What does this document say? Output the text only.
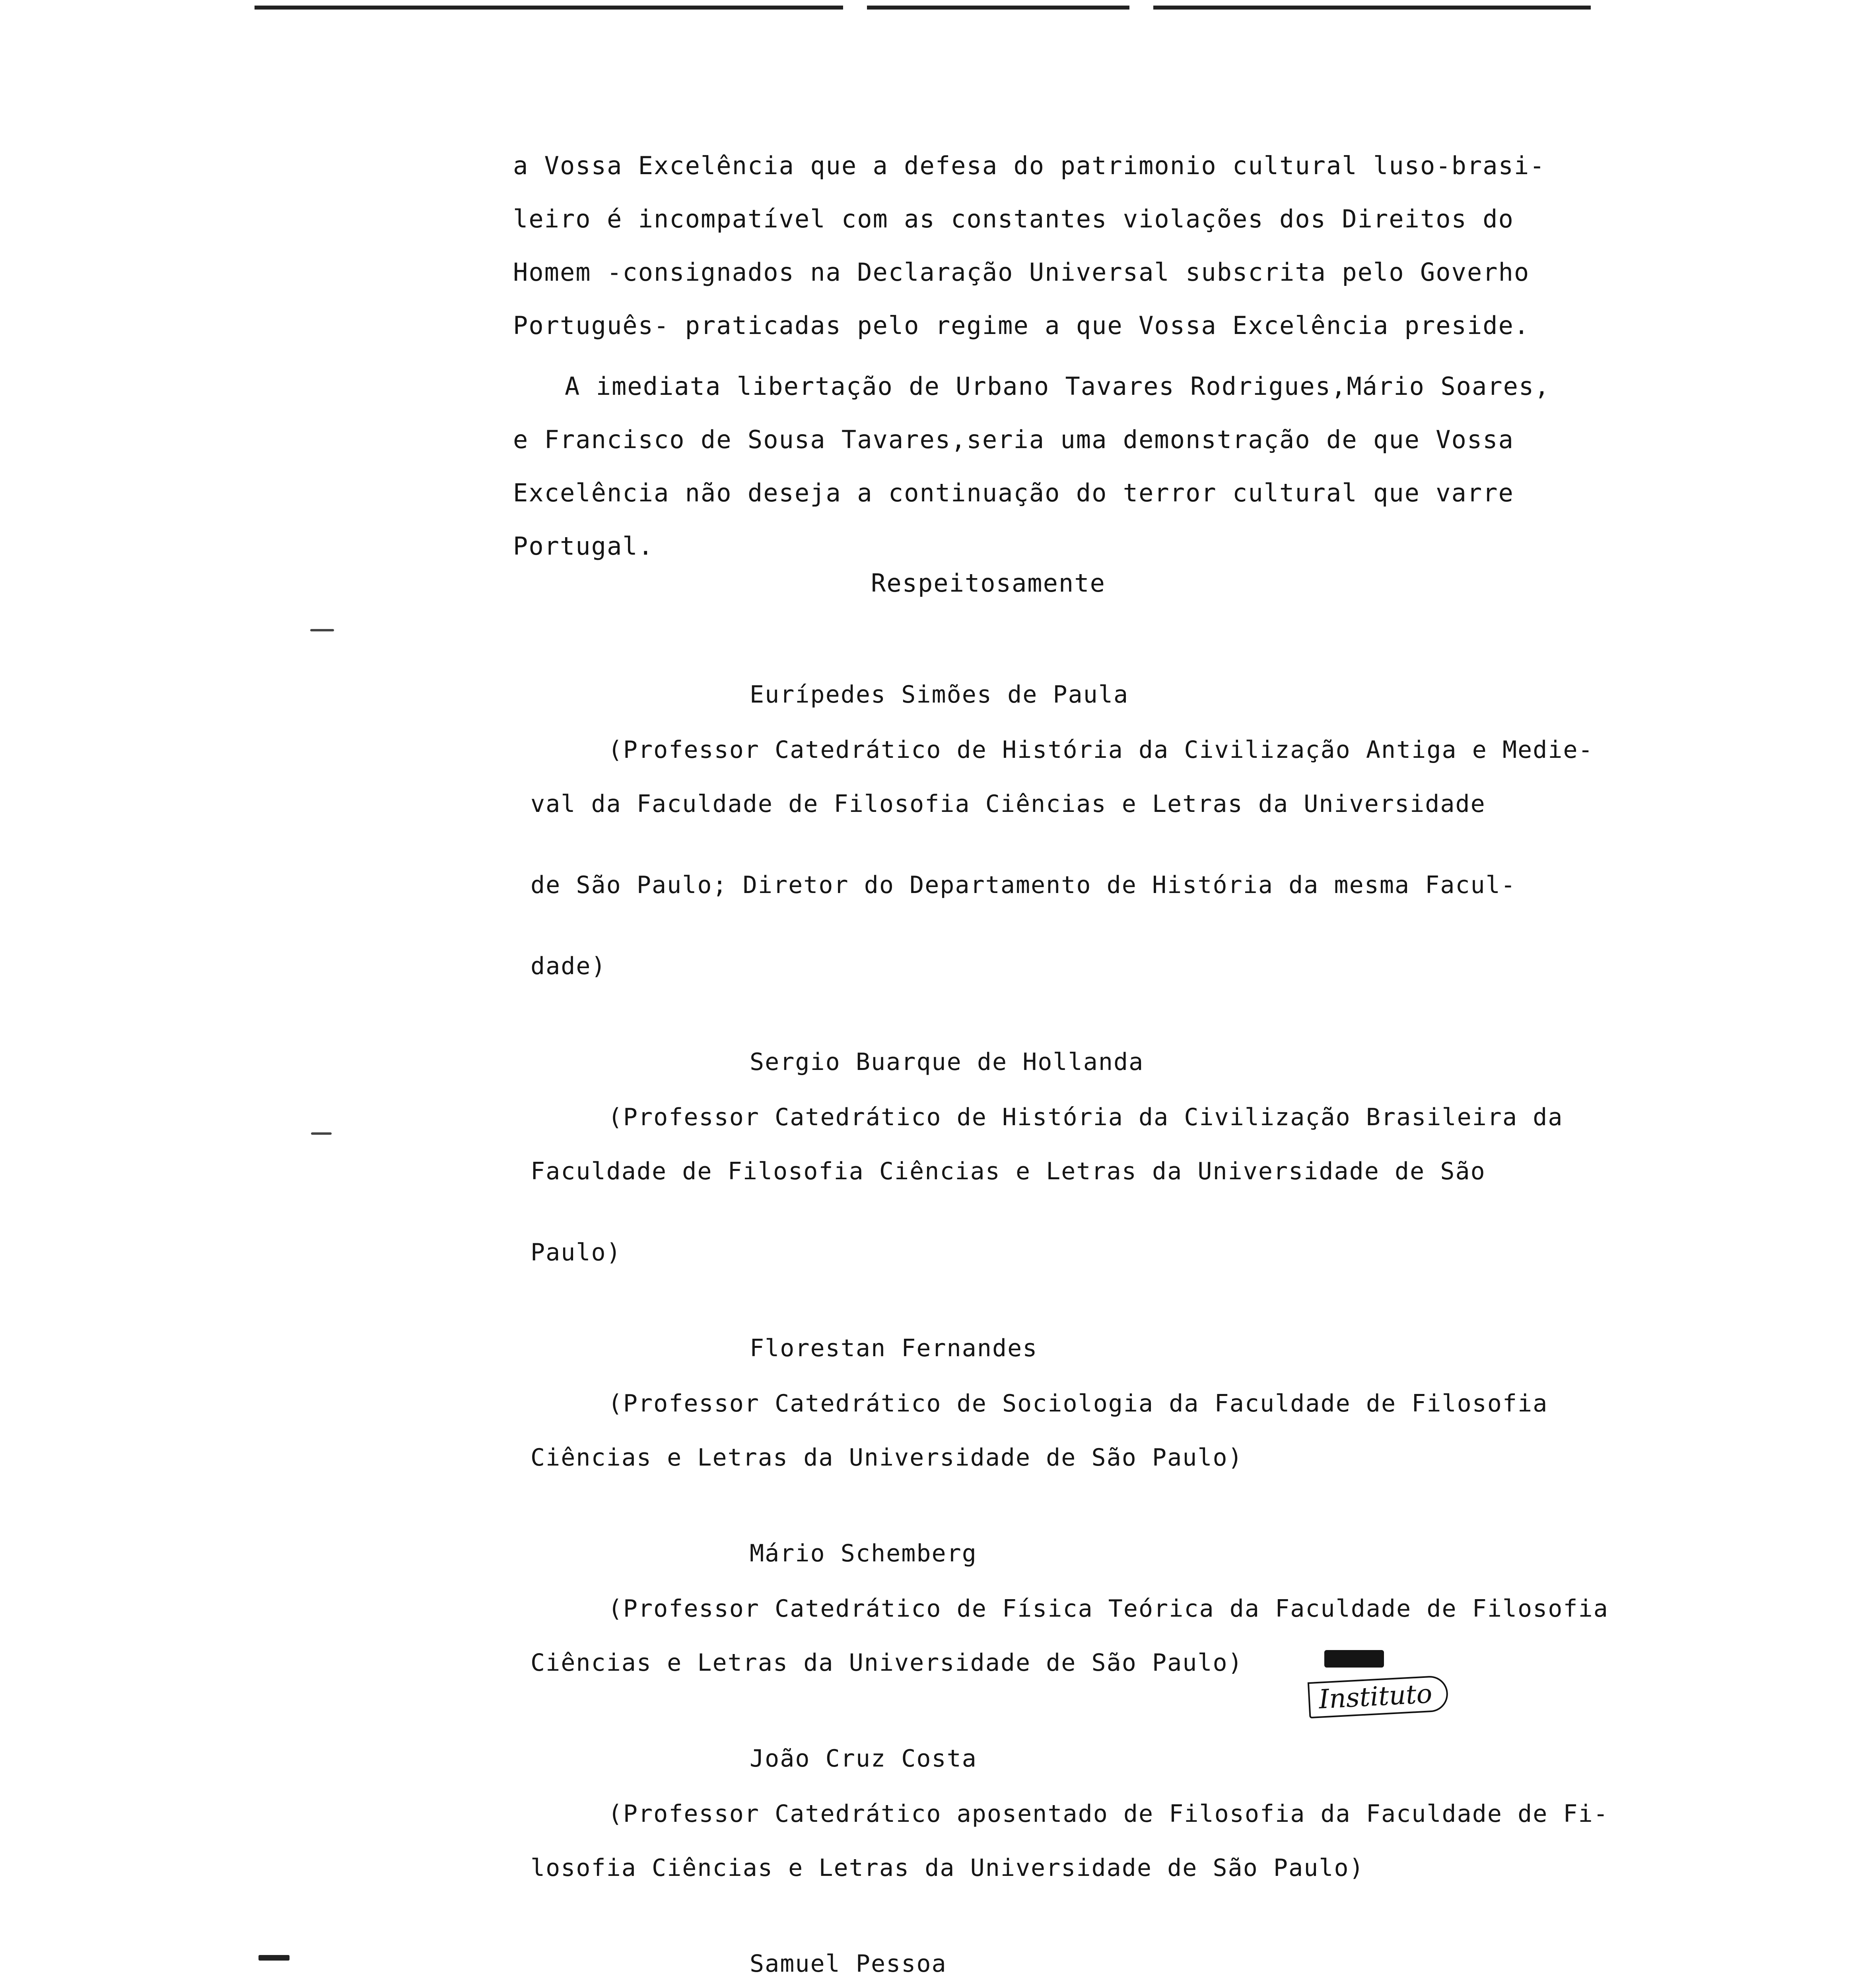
a Vossa Excelência que a defesa do patrimonio cultural luso-brasi-
leiro é incompatível com as constantes violações dos Direitos do
Homem -consignados na Declaração Universal subscrita pelo Goverho
Português- praticadas pelo regime a que Vossa Excelência preside.
A imediata libertação de Urbano Tavares Rodrigues,Mário Soares,
e Francisco de Sousa Tavares,seria uma demonstração de que Vossa
Excelência não deseja a continuação do terror cultural que varre
Portugal.
Respeitosamente
Eurípedes Simões de Paula

(Professor Catedrático de História da Civilização Antiga e Medie-

val da Faculdade de Filosofia Ciências e Letras da Universidade

de São Paulo; Diretor do Departamento de História da mesma Facul-

dade)

Sergio Buarque de Hollanda

(Professor Catedrático de História da Civilização Brasileira da

Faculdade de Filosofia Ciências e Letras da Universidade de São

Paulo)

Florestan Fernandes

(Professor Catedrático de Sociologia da Faculdade de Filosofia

Ciências e Letras da Universidade de São Paulo)

Mário Schemberg

(Professor Catedrático de Física Teórica da Faculdade de Filosofia

Ciências e Letras da Universidade de São Paulo)

João Cruz Costa

(Professor Catedrático aposentado de Filosofia da Faculdade de Fi-

losofia Ciências e Letras da Universidade de São Paulo)

Samuel Pessoa

Instituto
